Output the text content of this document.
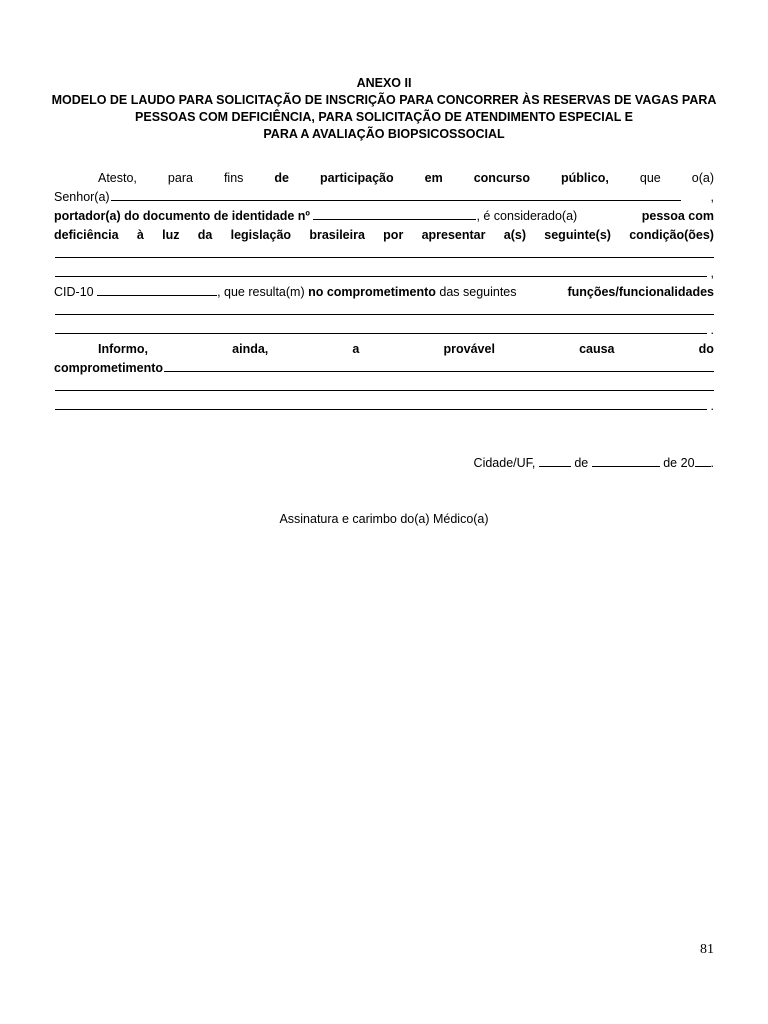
ANEXO II
MODELO DE LAUDO PARA SOLICITAÇÃO DE INSCRIÇÃO PARA CONCORRER ÀS RESERVAS DE VAGAS PARA
PESSOAS COM DEFICIÊNCIA, PARA SOLICITAÇÃO DE ATENDIMENTO ESPECIAL E
PARA A AVALIAÇÃO BIOPSICOSSOCIAL
Atesto, para fins de participação em concurso público, que o(a)
Senhor(a)	,
portador(a) do documento de identidade nº
	, é considerado(a)	pessoa com
deficiência à luz da legislação brasileira por apresentar a(s) seguinte(s) condição(ões)
,
CID-10
	, que resulta(m)
no comprometimento
das seguintes	funções/funcionalidades
.
Informo,	ainda,	a	provável	causa	do
comprometimento
.
Cidade/UF,

	de

	de 20 .
Assinatura e carimbo do(a) Médico(a)
81
